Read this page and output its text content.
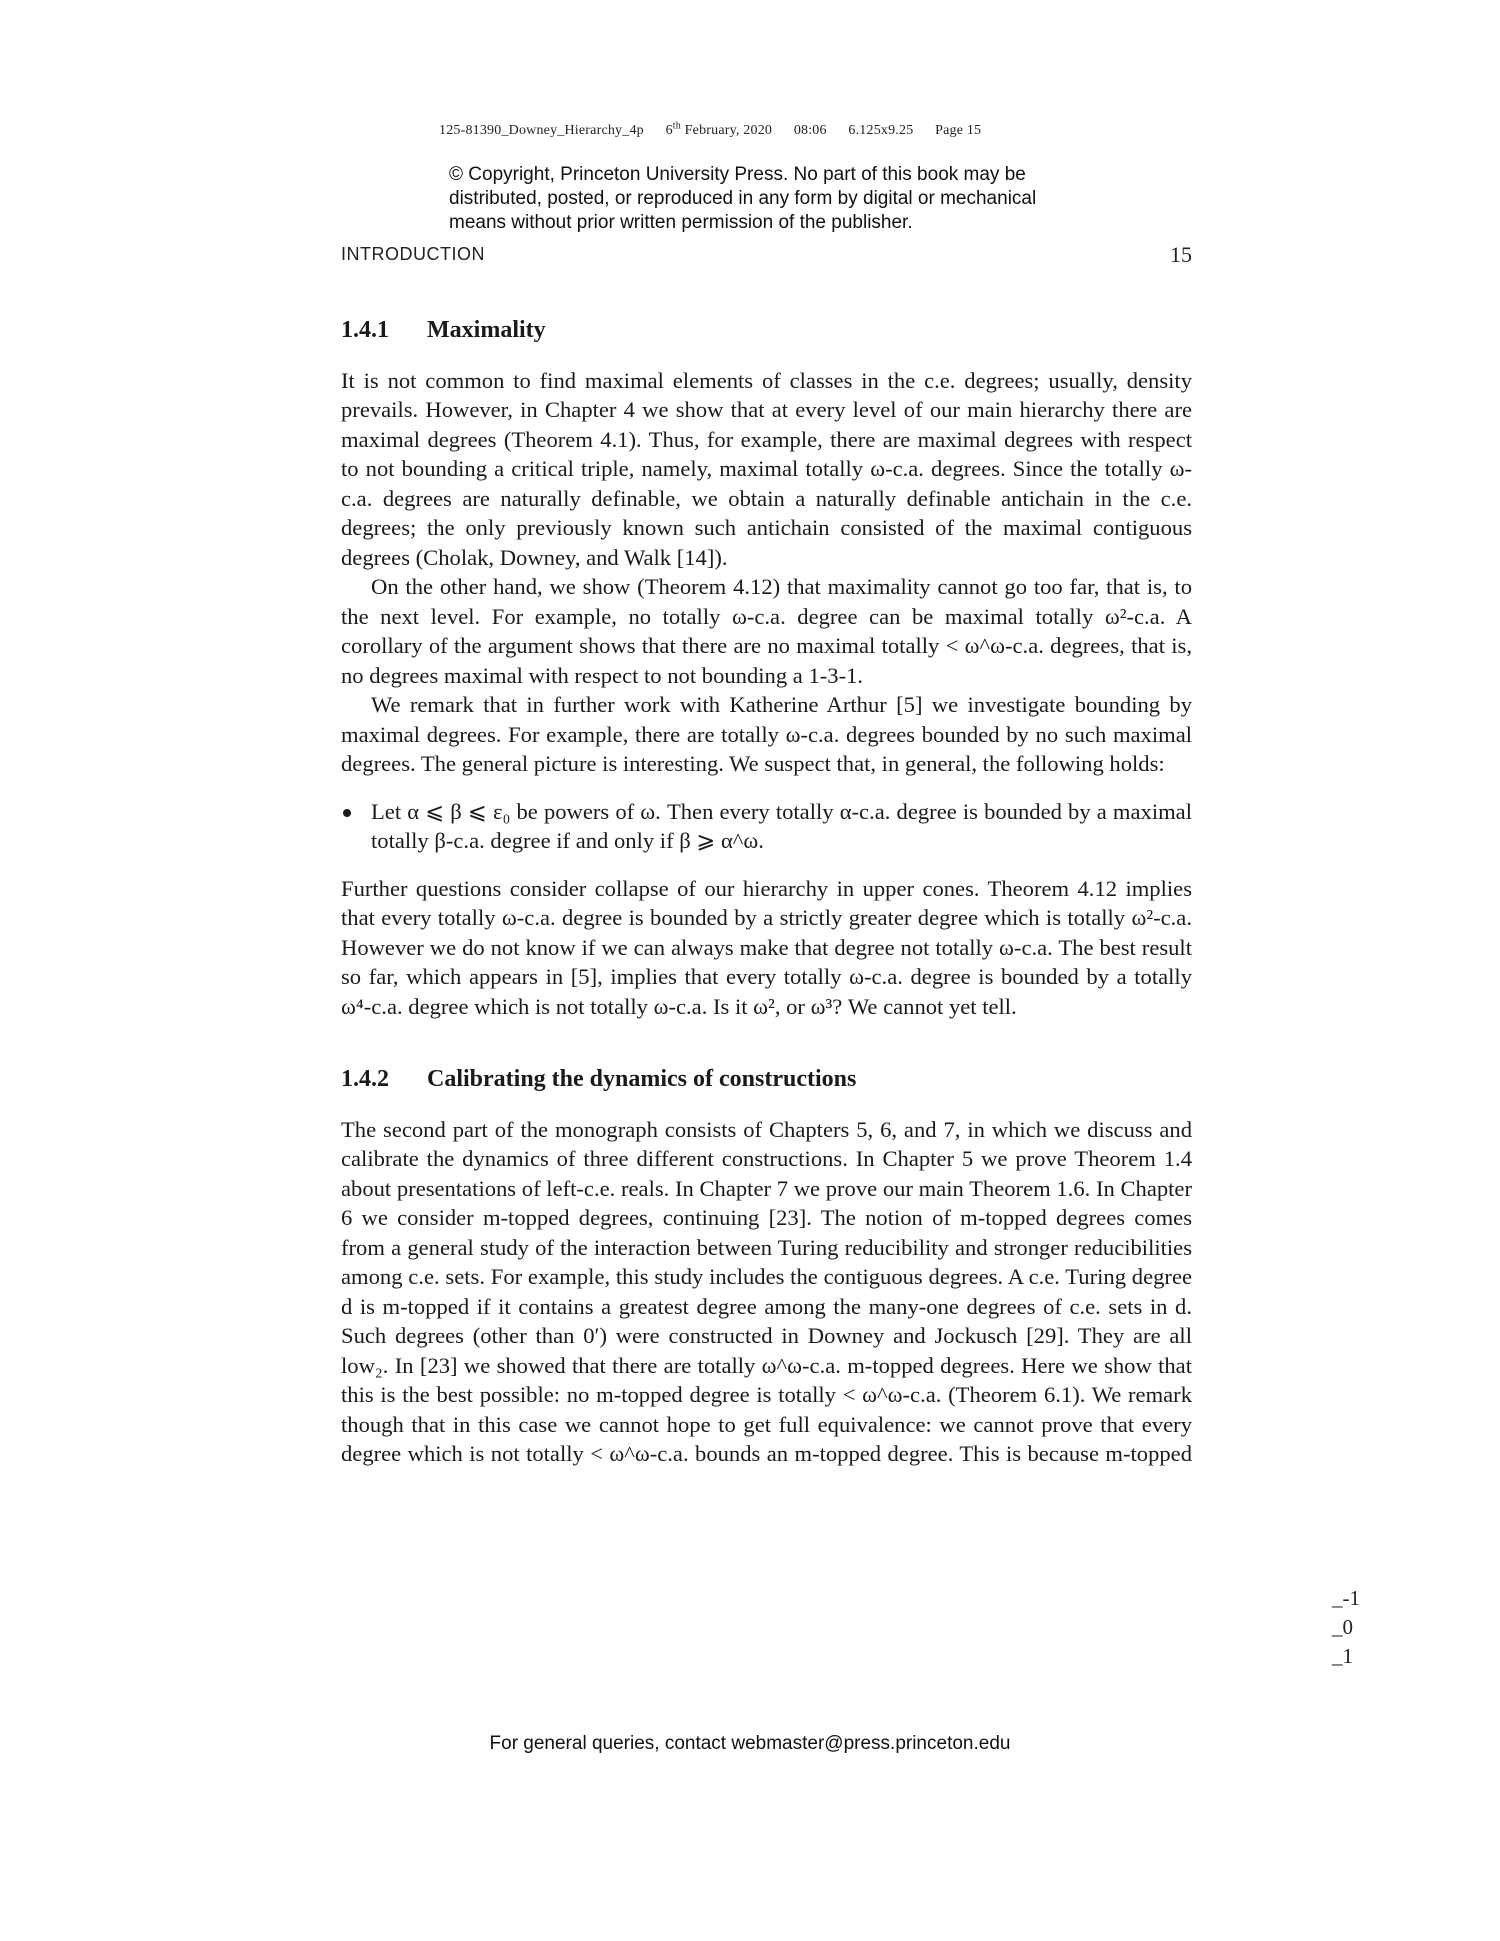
125-81390_Downey_Hierarchy_4p 6th February, 2020 08:06 6.125x9.25 Page 15
© Copyright, Princeton University Press. No part of this book may be distributed, posted, or reproduced in any form by digital or mechanical means without prior written permission of the publisher.
INTRODUCTION	15
1.4.1 Maximality

It is not common to find maximal elements of classes in the c.e. degrees; usually, density prevails. However, in Chapter 4 we show that at every level of our main hierarchy there are maximal degrees (Theorem 4.1). Thus, for example, there are maximal degrees with respect to not bounding a critical triple, namely, maximal totally ω-c.a. degrees. Since the totally ω-c.a. degrees are naturally definable, we obtain a naturally definable antichain in the c.e. degrees; the only previously known such antichain consisted of the maximal contiguous degrees (Cholak, Downey, and Walk [14]).

On the other hand, we show (Theorem 4.12) that maximality cannot go too far, that is, to the next level. For example, no totally ω-c.a. degree can be maximal totally ω²-c.a. A corollary of the argument shows that there are no maximal totally < ω^ω-c.a. degrees, that is, no degrees maximal with respect to not bounding a 1-3-1.

We remark that in further work with Katherine Arthur [5] we investigate bounding by maximal degrees. For example, there are totally ω-c.a. degrees bounded by no such maximal degrees. The general picture is interesting. We suspect that, in general, the following holds:

Let α ⩽ β ⩽ ε₀ be powers of ω. Then every totally α-c.a. degree is bounded by a maximal totally β-c.a. degree if and only if β ⩾ α^ω.

Further questions consider collapse of our hierarchy in upper cones. Theorem 4.12 implies that every totally ω-c.a. degree is bounded by a strictly greater degree which is totally ω²-c.a. However we do not know if we can always make that degree not totally ω-c.a. The best result so far, which appears in [5], implies that every totally ω-c.a. degree is bounded by a totally ω⁴-c.a. degree which is not totally ω-c.a. Is it ω², or ω³? We cannot yet tell.

1.4.2 Calibrating the dynamics of constructions

The second part of the monograph consists of Chapters 5, 6, and 7, in which we discuss and calibrate the dynamics of three different constructions. In Chapter 5 we prove Theorem 1.4 about presentations of left-c.e. reals. In Chapter 7 we prove our main Theorem 1.6. In Chapter 6 we consider m-topped degrees, continuing [23]. The notion of m-topped degrees comes from a general study of the interaction between Turing reducibility and stronger reducibilities among c.e. sets. For example, this study includes the contiguous degrees. A c.e. Turing degree d is m-topped if it contains a greatest degree among the many-one degrees of c.e. sets in d. Such degrees (other than 0′) were constructed in Downey and Jockusch [29]. They are all low₂. In [23] we showed that there are totally ω^ω-c.a. m-topped degrees. Here we show that this is the best possible: no m-topped degree is totally < ω^ω-c.a. (Theorem 6.1). We remark though that in this case we cannot hope to get full equivalence: we cannot prove that every degree which is not totally < ω^ω-c.a. bounds an m-topped degree. This is because m-topped

_-1
_0
_1
For general queries, contact webmaster@press.princeton.edu
